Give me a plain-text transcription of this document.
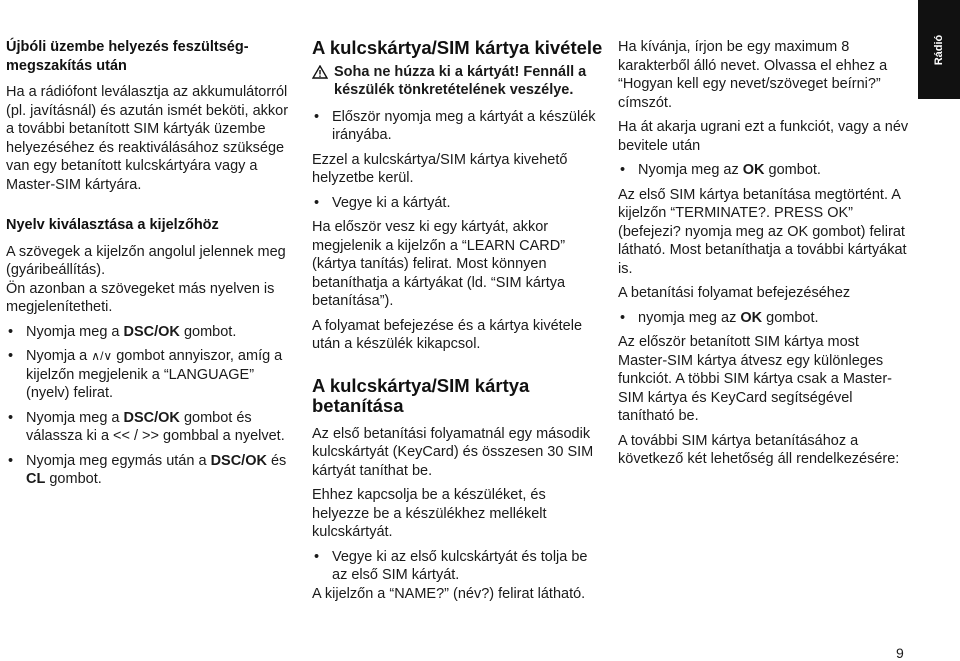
Rádió
Újbóli üzembe helyezés feszültség-megszakítás után
Ha a rádiófont leválasztja az akkumulátorról (pl. javításnál) és azután ismét beköti, akkor a további betanított SIM kártyák üzembe helyezéséhez és reaktiválásához szüksége van egy betanított kulcskártyára vagy a Master-SIM kártyára.
Nyelv kiválasztása a kijelzőhöz
A szövegek a kijelzőn angolul jelennek meg (gyáribeállítás).
Ön azonban a szövegeket más nyelven is megjelenítetheti.
• Nyomja meg a DSC/OK gombot.
• Nyomja a ∧/∨ gombot annyiszor, amíg a kijelzőn megjelenik a “LANGUAGE” (nyelv) felirat.
• Nyomja meg a DSC/OK gombot és válassza ki a << / >> gombbal a nyelvet.
• Nyomja meg egymás után a DSC/OK és CL gombot.
A kulcskártya/SIM kártya kivétele
Soha ne húzza ki a kártyát! Fennáll a készülék tönkretételének veszélye.
• Először nyomja meg a kártyát a készülék irányába.
Ezzel a kulcskártya/SIM kártya kivehető helyzetbe kerül.
• Vegye ki a kártyát.
Ha először vesz ki egy kártyát, akkor megjelenik a kijelzőn a “LEARN CARD” (kártya tanítás) felirat. Most könnyen betaníthatja a kártyákat (ld. “SIM kártya betanítása”).
A folyamat befejezése és a kártya kivétele után a készülék kikapcsol.
A kulcskártya/SIM kártya betanítása
Az első betanítási folyamatnál egy második kulcskártyát (KeyCard) és összesen 30 SIM kártyát taníthat be.
Ehhez kapcsolja be a készüléket, és helyezze be a készülékhez mellékelt kulcskártyát.
• Vegye ki az első kulcskártyát és tolja be az első SIM kártyát.
A kijelzőn a “NAME?” (név?) felirat látható.
Ha kívánja, írjon be egy maximum 8 karakterből álló nevet. Olvassa el ehhez a “Hogyan kell egy nevet/szöveget beírni?” címszót.
Ha át akarja ugrani ezt a funkciót, vagy a név bevitele után
• Nyomja meg az OK gombot.
Az első SIM kártya betanítása megtörtént. A kijelzőn “TERMINATE?. PRESS OK” (befejezi? nyomja meg az OK gombot) felirat látható. Most betaníthatja a további kártyákat is.
A betanítási folyamat befejezéséhez
• nyomja meg az OK gombot.
Az először betanított SIM kártya most Master-SIM kártya átvesz egy különleges funkciót. A többi SIM kártya csak a Master-SIM kártya és KeyCard segítségével tanítható be.
A további SIM kártya betanításához a következő két lehetőség áll rendelkezésére:
9
